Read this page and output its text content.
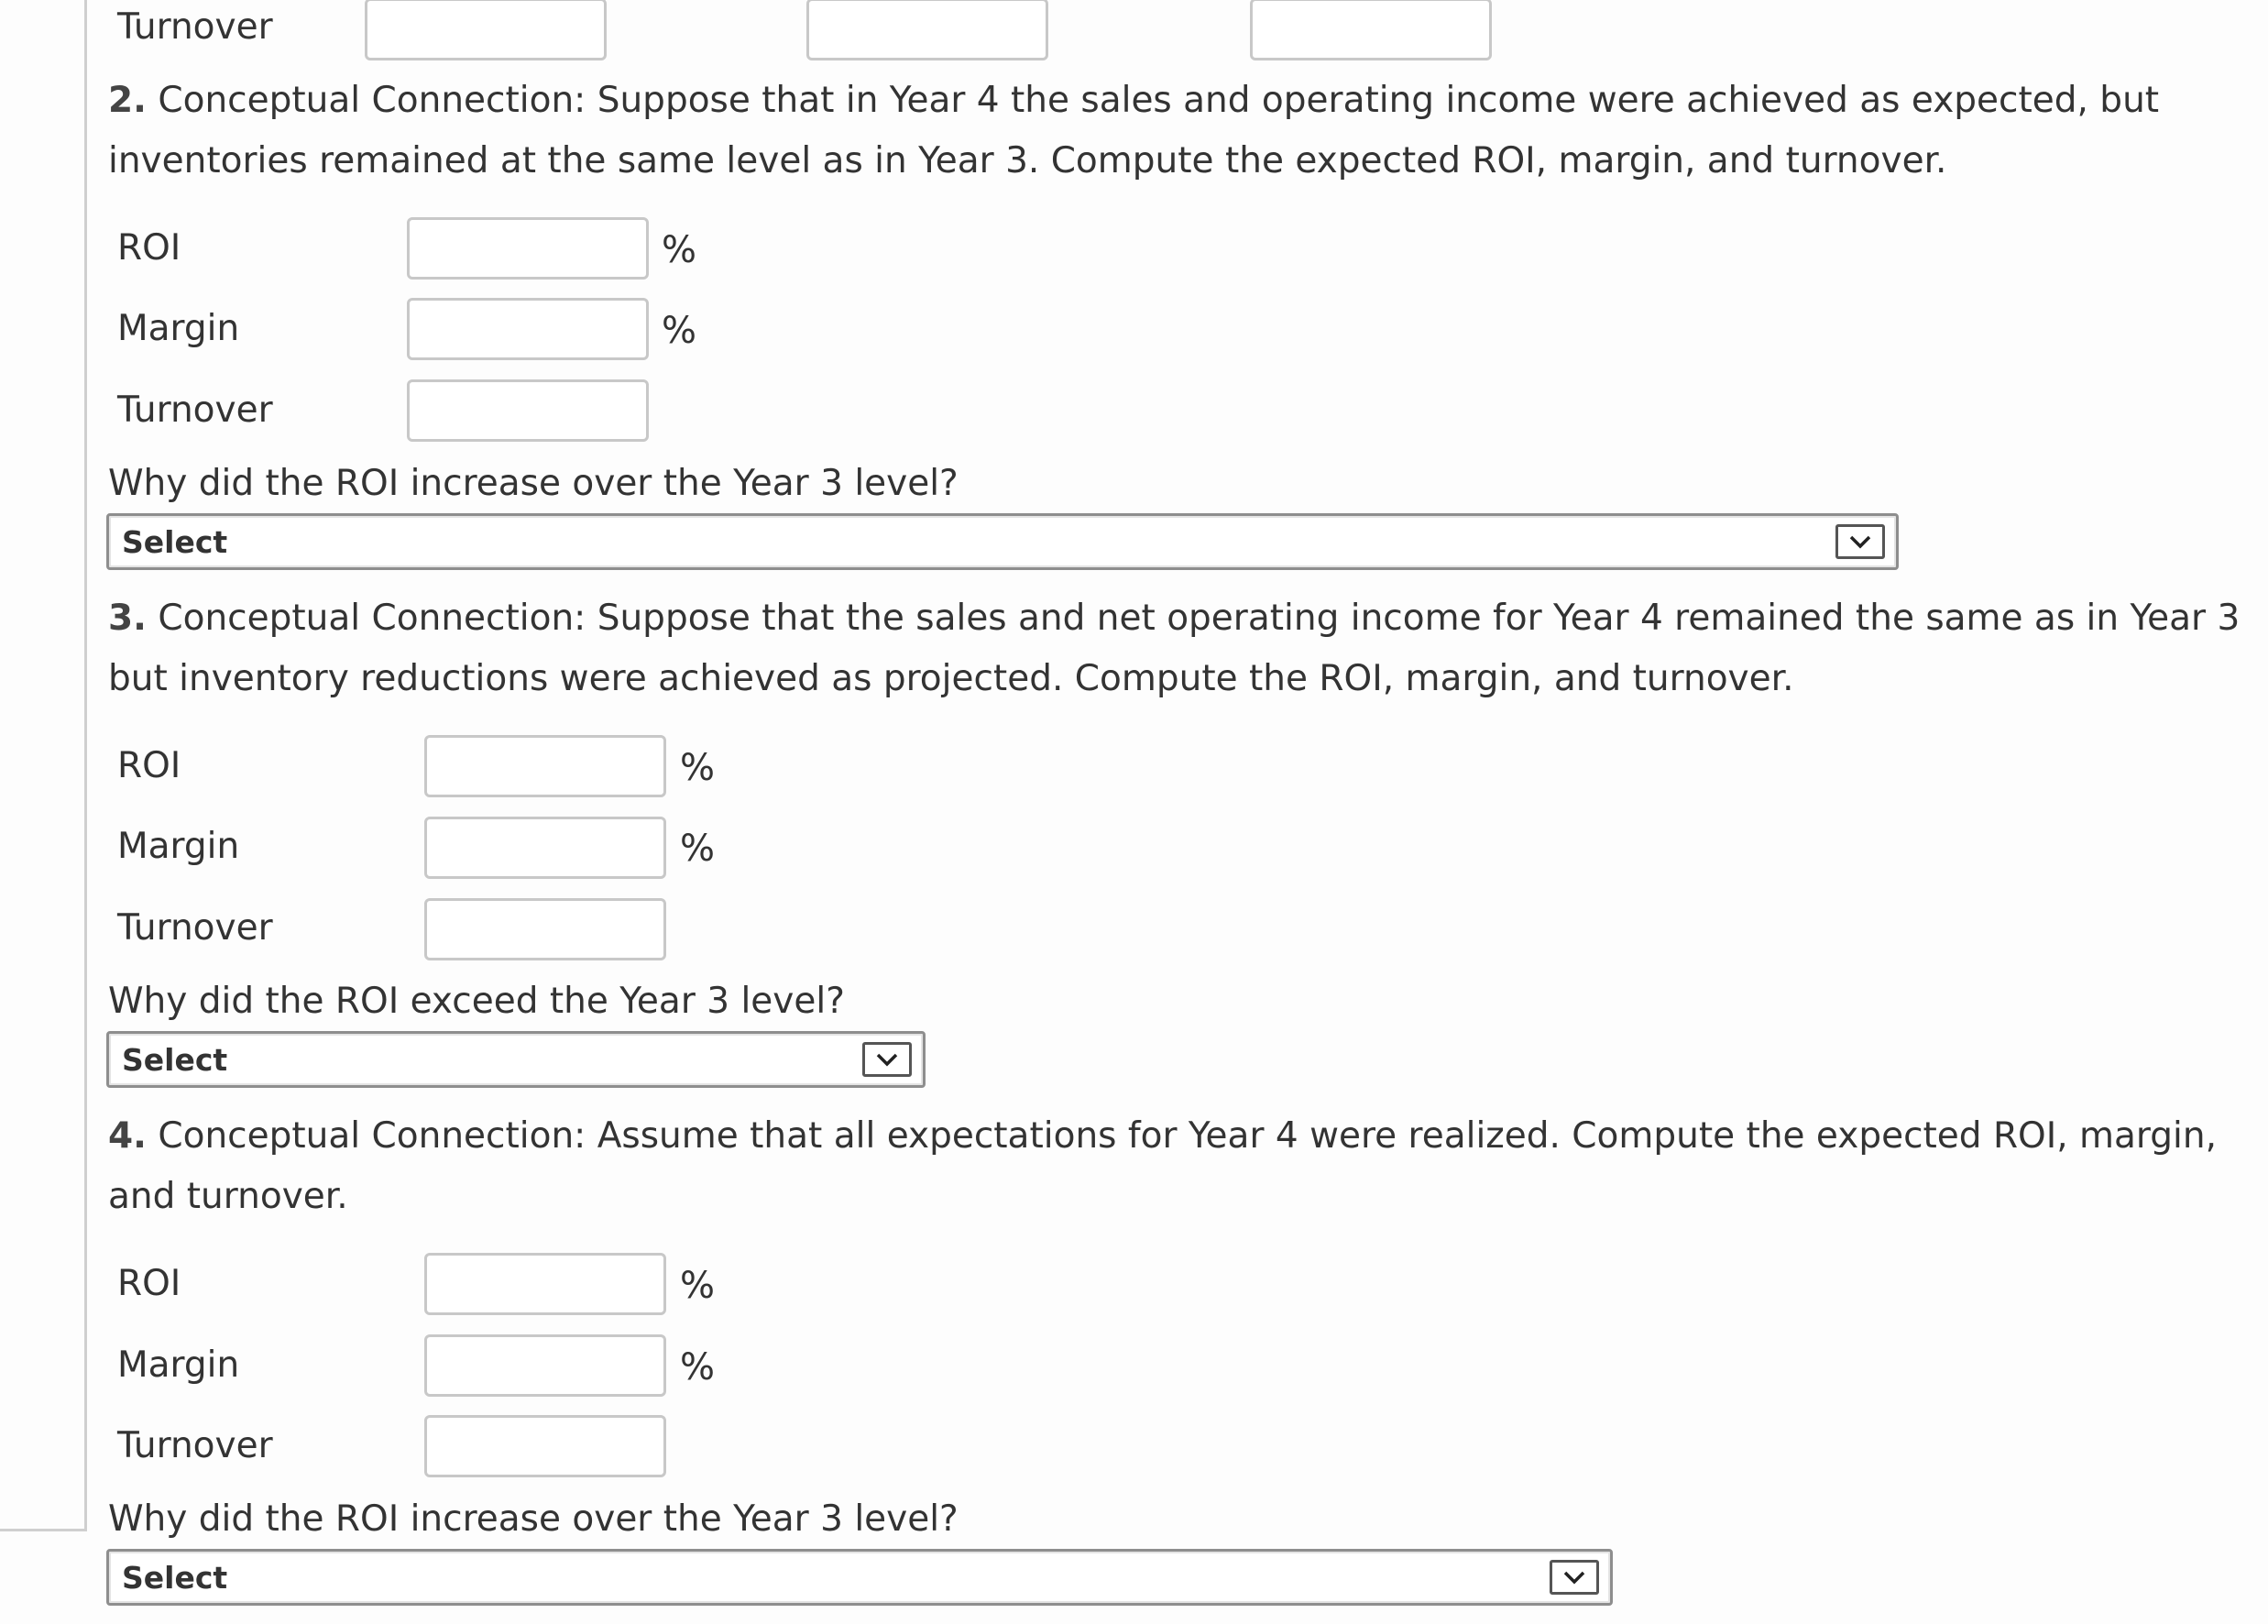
Turnover
2. Conceptual Connection: Suppose that in Year 4 the sales and operating income were achieved as expected, but inventories remained at the same level as in Year 3. Compute the expected ROI, margin, and turnover.
ROI	%
Margin	%
Turnover
Why did the ROI increase over the Year 3 level?
Select
3. Conceptual Connection: Suppose that the sales and net operating income for Year 4 remained the same as in Year 3 but inventory reductions were achieved as projected. Compute the ROI, margin, and turnover.
ROI	%
Margin	%
Turnover
Why did the ROI exceed the Year 3 level?
Select
4. Conceptual Connection: Assume that all expectations for Year 4 were realized. Compute the expected ROI, margin, and turnover.
ROI	%
Margin	%
Turnover
Why did the ROI increase over the Year 3 level?
Select
